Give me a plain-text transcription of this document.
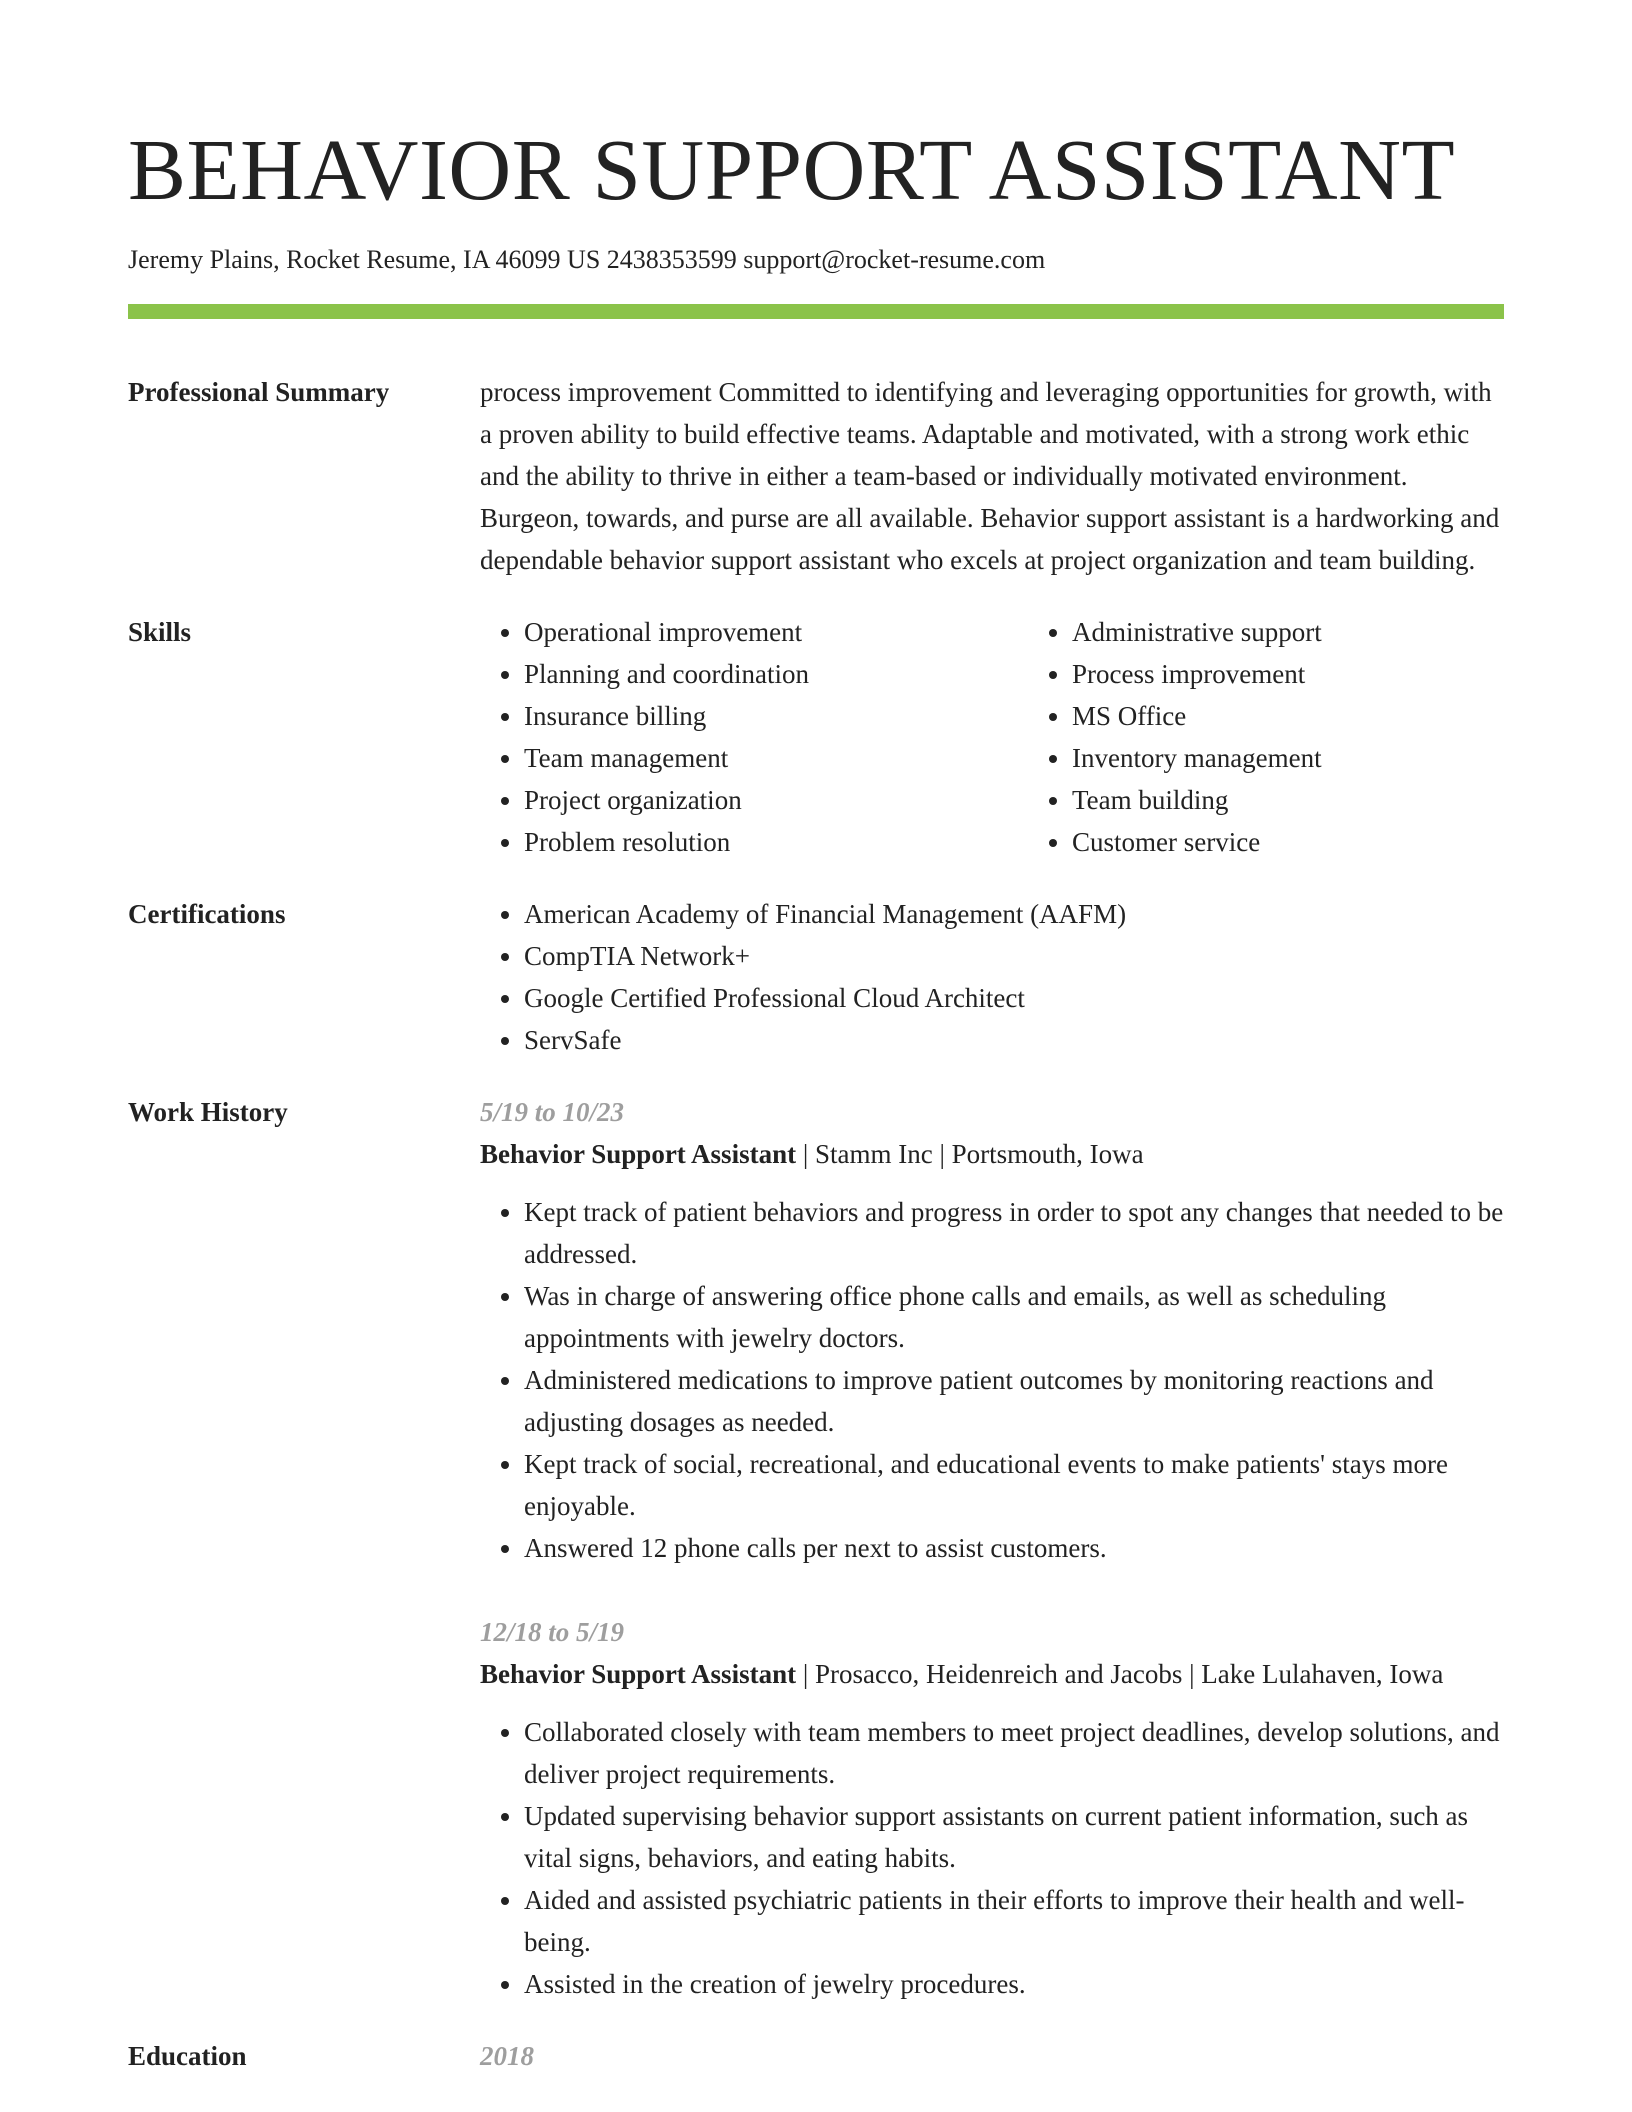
BEHAVIOR SUPPORT ASSISTANT
Jeremy Plains, Rocket Resume, IA 46099 US 2438353599 support@rocket-resume.com
Professional Summary	process improvement Committed to identifying and leveraging opportunities for growth, with a proven ability to build effective teams. Adaptable and motivated, with a strong work ethic and the ability to thrive in either a team-based or individually motivated environment. Burgeon, towards, and purse are all available. Behavior support assistant is a hardworking and dependable behavior support assistant who excels at project organization and team building.

Skills	• Operational improvement
• Planning and coordination
• Insurance billing
• Team management
• Project organization
• Problem resolution
• Administrative support
• Process improvement
• MS Office
• Inventory management
• Team building
• Customer service
Certifications	• American Academy of Financial Management (AAFM)
• CompTIA Network+
• Google Certified Professional Cloud Architect
• ServSafe
Work History	5/19 to 10/23
Behavior Support Assistant | Stamm Inc | Portsmouth, Iowa
• Kept track of patient behaviors and progress in order to spot any changes that needed to be addressed.
• Was in charge of answering office phone calls and emails, as well as scheduling appointments with jewelry doctors.
• Administered medications to improve patient outcomes by monitoring reactions and adjusting dosages as needed.
• Kept track of social, recreational, and educational events to make patients' stays more enjoyable.
• Answered 12 phone calls per next to assist customers.
12/18 to 5/19
Behavior Support Assistant | Prosacco, Heidenreich and Jacobs | Lake Lulahaven, Iowa
• Collaborated closely with team members to meet project deadlines, develop solutions, and deliver project requirements.
• Updated supervising behavior support assistants on current patient information, such as vital signs, behaviors, and eating habits.
• Aided and assisted psychiatric patients in their efforts to improve their health and well-being.
• Assisted in the creation of jewelry procedures.
Education	2018
